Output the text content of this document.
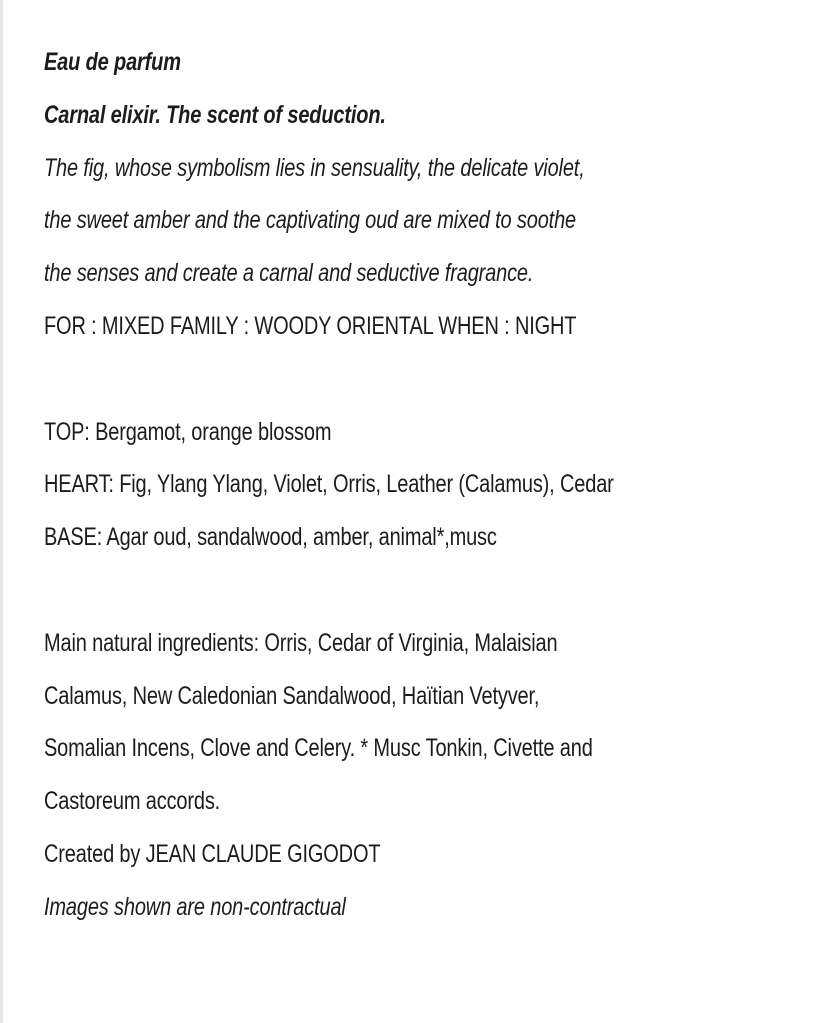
Eau de parfum
Carnal elixir. The scent of seduction.
The fig, whose symbolism lies in sensuality, the delicate violet,
the sweet amber and the captivating oud are mixed to soothe
the senses and create a carnal and seductive fragrance.
FOR : MIXED FAMILY : WOODY ORIENTAL WHEN : NIGHT
TOP: Bergamot, orange blossom
HEART: Fig, Ylang Ylang, Violet, Orris, Leather (Calamus), Cedar
BASE: Agar oud, sandalwood, amber, animal*,musc
Main natural ingredients: Orris, Cedar of Virginia, Malaisian
Calamus, New Caledonian Sandalwood, Haïtian Vetyver,
Somalian Incens, Clove and Celery. * Musc Tonkin, Civette and
Castoreum accords.
Created by JEAN CLAUDE GIGODOT
Images shown are non-contractual
